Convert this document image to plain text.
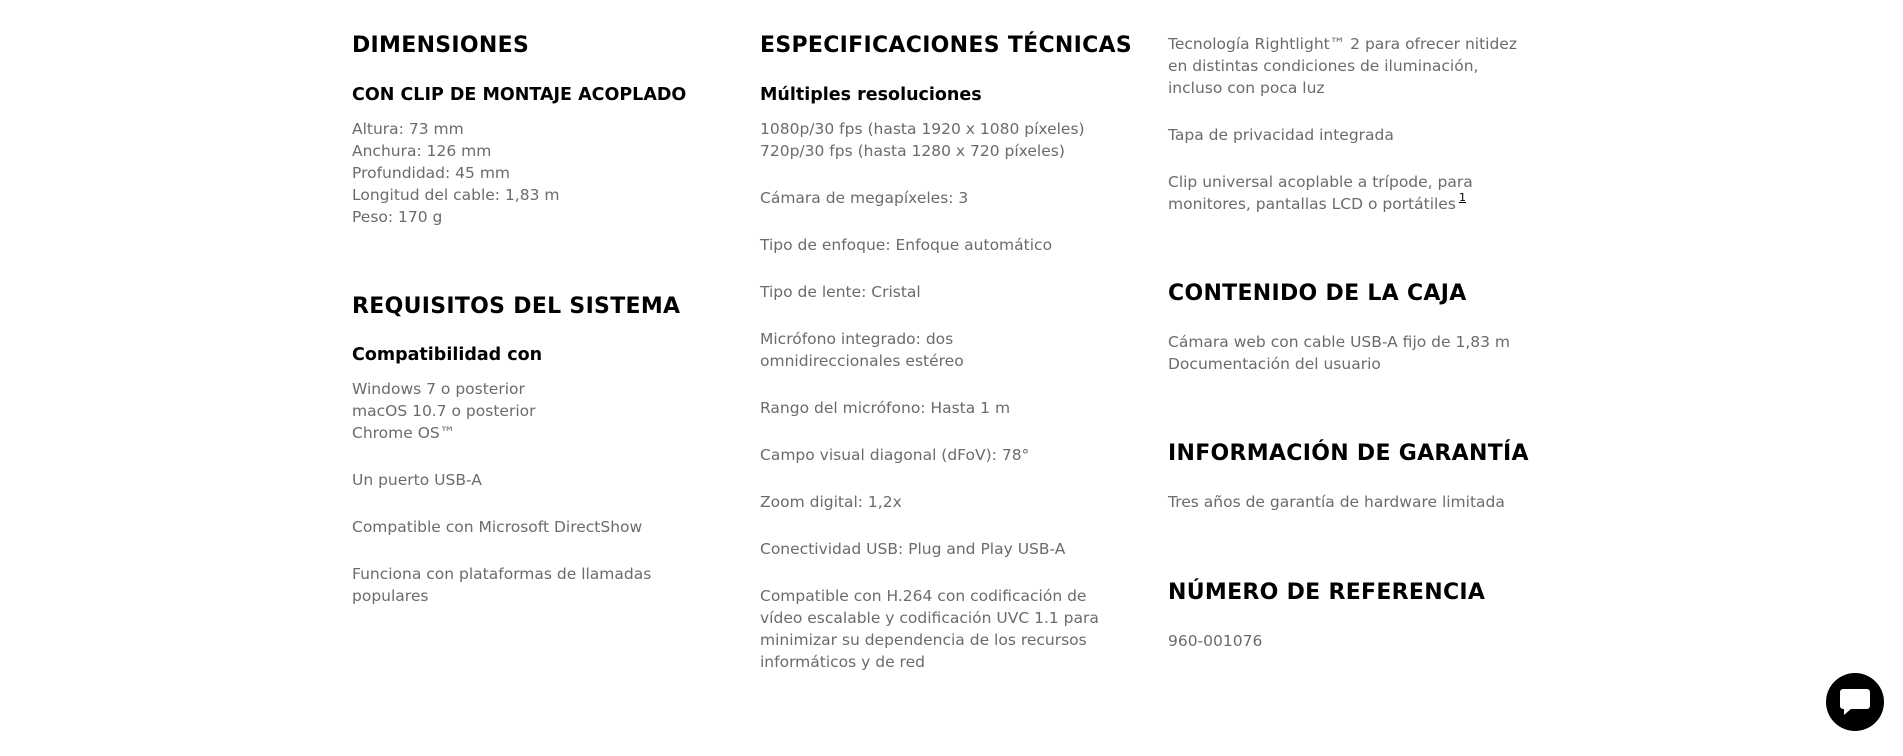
DIMENSIONES
CON CLIP DE MONTAJE ACOPLADO

Altura: 73 mm

Anchura: 126 mm

Profundidad: 45 mm

Longitud del cable: 1,83 m

Peso: 170 g

REQUISITOS DEL SISTEMA
Compatibilidad con

Windows 7 o posterior

macOS 10.7 o posterior

Chrome OS™

Un puerto USB-A

Compatible con Microsoft DirectShow

Funciona con plataformas de llamadas populares

ESPECIFICACIONES TÉCNICAS
Múltiples resoluciones

1080p/30 fps (hasta 1920 x 1080 píxeles)

720p/30 fps (hasta 1280 x 720 píxeles)

Cámara de megapíxeles: 3

Tipo de enfoque: Enfoque automático

Tipo de lente: Cristal

Micrófono integrado: dos omnidireccionales estéreo

Rango del micrófono: Hasta 1 m

Campo visual diagonal (dFoV): 78°

Zoom digital: 1,2x

Conectividad USB: Plug and Play USB-A

Compatible con H.264 con codificación de vídeo escalable y codificación UVC 1.1 para minimizar su dependencia de los recursos informáticos y de red

Tecnología Rightlight™ 2 para ofrecer nitidez en distintas condiciones de iluminación, incluso con poca luz

Tapa de privacidad integrada

Clip universal acoplable a trípode, para monitores, pantallas LCD o portátiles $^1$

CONTENIDO DE LA CAJA

Cámara web con cable USB-A fijo de 1,83 m

Documentación del usuario

INFORMACIÓN DE GARANTÍA

Tres años de garantía de hardware limitada

NÚMERO DE REFERENCIA

960-001076
